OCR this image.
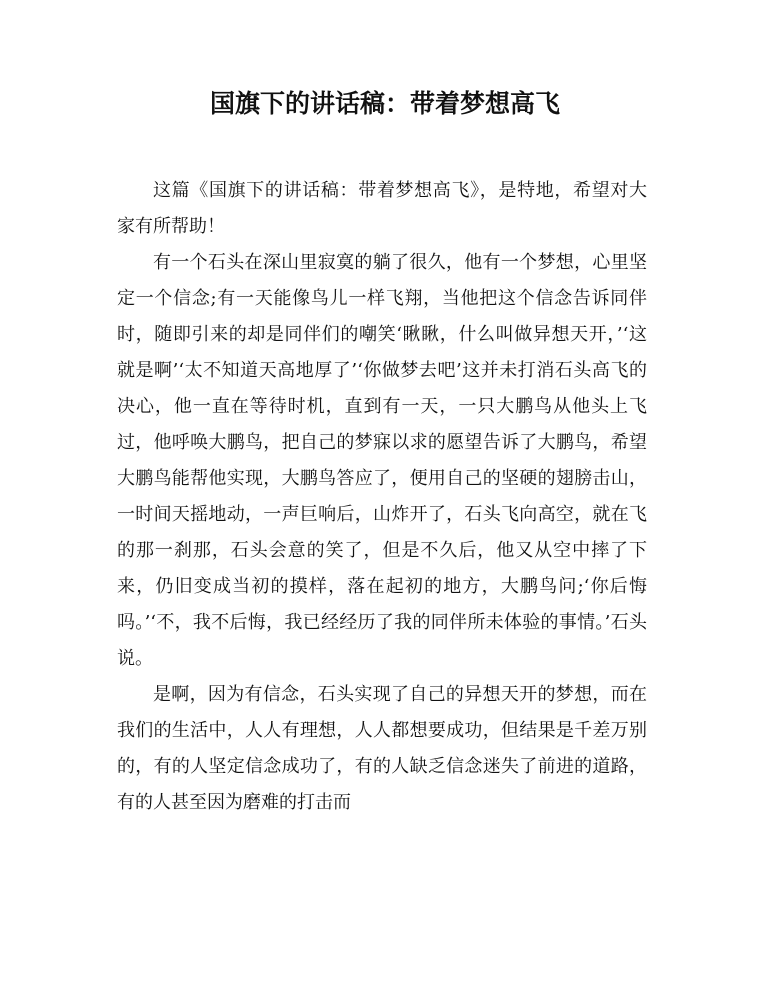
国旗下的讲话稿：带着梦想高飞

这篇《国旗下的讲话稿：带着梦想高飞》，是特地，希望对大家有所帮助！

有一个石头在深山里寂寞的躺了很久，他有一个梦想，心里坚定一个信念;有一天能像鸟儿一样飞翔，当他把这个信念告诉同伴时，随即引来的却是同伴们的嘲笑‘瞅瞅，什么叫做异想天开，’‘这就是啊’‘太不知道天高地厚了’‘你做梦去吧’这并未打消石头高飞的决心，他一直在等待时机，直到有一天，一只大鹏鸟从他头上飞过，他呼唤大鹏鸟，把自己的梦寐以求的愿望告诉了大鹏鸟，希望大鹏鸟能帮他实现，大鹏鸟答应了，便用自己的坚硬的翅膀击山，一时间天摇地动，一声巨响后，山炸开了，石头飞向高空，就在飞的那一刹那，石头会意的笑了，但是不久后，他又从空中摔了下来，仍旧变成当初的摸样，落在起初的地方，大鹏鸟问;‘你后悔吗。’‘不，我不后悔，我已经经历了我的同伴所未体验的事情。’石头说。

是啊，因为有信念，石头实现了自己的异想天开的梦想，而在我们的生活中，人人有理想，人人都想要成功，但结果是千差万别的，有的人坚定信念成功了，有的人缺乏信念迷失了前进的道路，有的人甚至因为磨难的打击而
